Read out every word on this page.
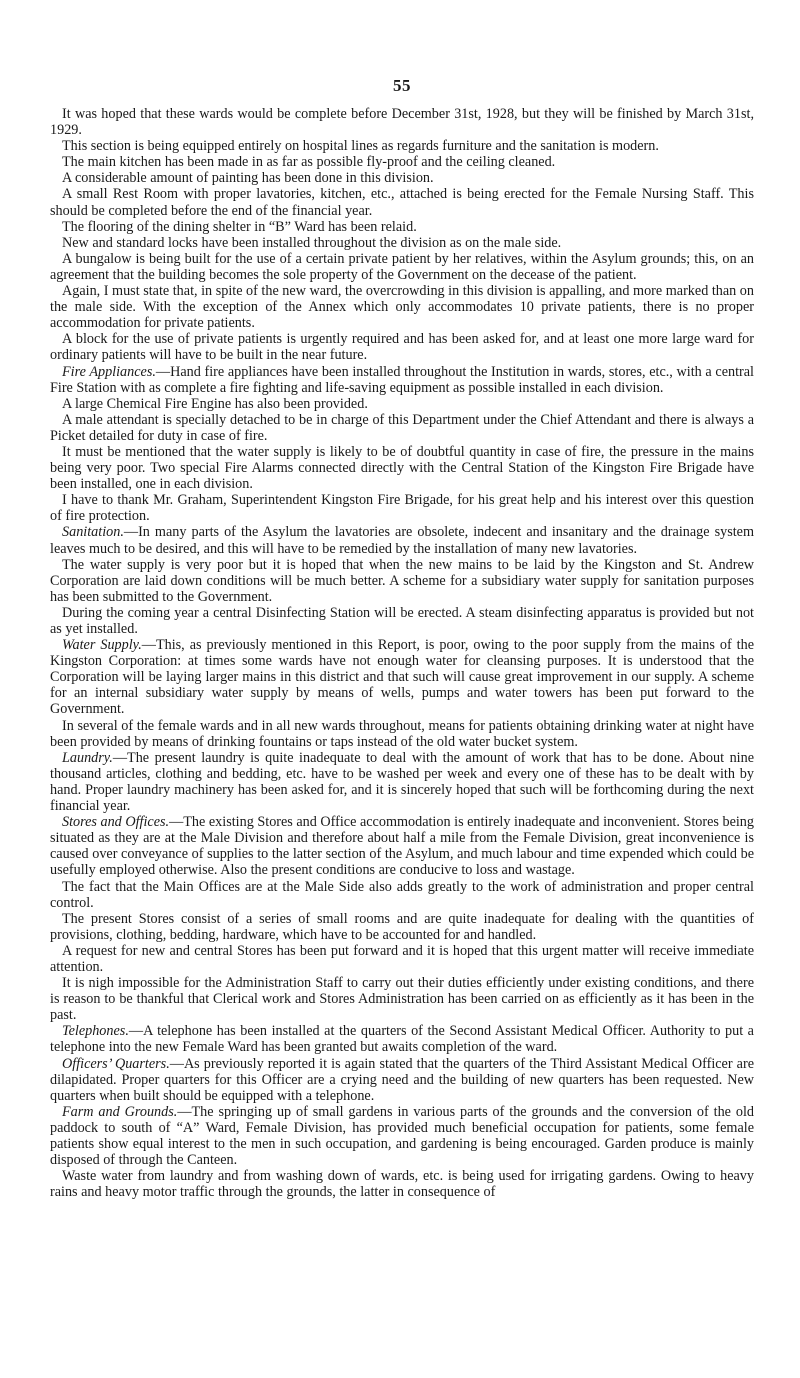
55

It was hoped that these wards would be complete before December 31st, 1928, but they will be finished by March 31st, 1929.

This section is being equipped entirely on hospital lines as regards furniture and the sanitation is modern.

The main kitchen has been made in as far as possible fly-proof and the ceiling cleaned.

A considerable amount of painting has been done in this division.

A small Rest Room with proper lavatories, kitchen, etc., attached is being erected for the Female Nursing Staff. This should be completed before the end of the financial year.

The flooring of the dining shelter in “B” Ward has been relaid.

New and standard locks have been installed throughout the division as on the male side.

A bungalow is being built for the use of a certain private patient by her relatives, within the Asylum grounds; this, on an agreement that the building becomes the sole property of the Government on the decease of the patient.

Again, I must state that, in spite of the new ward, the overcrowding in this division is appalling, and more marked than on the male side. With the exception of the Annex which only accommodates 10 private patients, there is no proper accommodation for private patients.

A block for the use of private patients is urgently required and has been asked for, and at least one more large ward for ordinary patients will have to be built in the near future.

Fire Appliances.—Hand fire appliances have been installed throughout the Institution in wards, stores, etc., with a central Fire Station with as complete a fire fighting and life-saving equipment as possible installed in each division.

A large Chemical Fire Engine has also been provided.

A male attendant is specially detached to be in charge of this Department under the Chief Attendant and there is always a Picket detailed for duty in case of fire.

It must be mentioned that the water supply is likely to be of doubtful quantity in case of fire, the pressure in the mains being very poor. Two special Fire Alarms connected directly with the Central Station of the Kingston Fire Brigade have been installed, one in each division.

I have to thank Mr. Graham, Superintendent Kingston Fire Brigade, for his great help and his interest over this question of fire protection.

Sanitation.—In many parts of the Asylum the lavatories are obsolete, indecent and insanitary and the drainage system leaves much to be desired, and this will have to be remedied by the installation of many new lavatories.

The water supply is very poor but it is hoped that when the new mains to be laid by the Kingston and St. Andrew Corporation are laid down conditions will be much better. A scheme for a subsidiary water supply for sanitation purposes has been submitted to the Government.

During the coming year a central Disinfecting Station will be erected. A steam disinfecting apparatus is provided but not as yet installed.

Water Supply.—This, as previously mentioned in this Report, is poor, owing to the poor supply from the mains of the Kingston Corporation: at times some wards have not enough water for cleansing purposes. It is understood that the Corporation will be laying larger mains in this district and that such will cause great improvement in our supply. A scheme for an internal subsidiary water supply by means of wells, pumps and water towers has been put forward to the Government.

In several of the female wards and in all new wards throughout, means for patients obtaining drinking water at night have been provided by means of drinking fountains or taps instead of the old water bucket system.

Laundry.—The present laundry is quite inadequate to deal with the amount of work that has to be done. About nine thousand articles, clothing and bedding, etc. have to be washed per week and every one of these has to be dealt with by hand. Proper laundry machinery has been asked for, and it is sincerely hoped that such will be forthcoming during the next financial year.

Stores and Offices.—The existing Stores and Office accommodation is entirely inadequate and inconvenient. Stores being situated as they are at the Male Division and therefore about half a mile from the Female Division, great inconvenience is caused over conveyance of supplies to the latter section of the Asylum, and much labour and time expended which could be usefully employed otherwise. Also the present conditions are conducive to loss and wastage.

The fact that the Main Offices are at the Male Side also adds greatly to the work of administration and proper central control.

The present Stores consist of a series of small rooms and are quite inadequate for dealing with the quantities of provisions, clothing, bedding, hardware, which have to be accounted for and handled.

A request for new and central Stores has been put forward and it is hoped that this urgent matter will receive immediate attention.

It is nigh impossible for the Administration Staff to carry out their duties efficiently under existing conditions, and there is reason to be thankful that Clerical work and Stores Administration has been carried on as efficiently as it has been in the past.

Telephones.—A telephone has been installed at the quarters of the Second Assistant Medical Officer. Authority to put a telephone into the new Female Ward has been granted but awaits completion of the ward.

Officers’ Quarters.—As previously reported it is again stated that the quarters of the Third Assistant Medical Officer are dilapidated. Proper quarters for this Officer are a crying need and the building of new quarters has been requested. New quarters when built should be equipped with a telephone.

Farm and Grounds.—The springing up of small gardens in various parts of the grounds and the conversion of the old paddock to south of “A” Ward, Female Division, has provided much beneficial occupation for patients, some female patients show equal interest to the men in such occupation, and gardening is being encouraged. Garden produce is mainly disposed of through the Canteen.

Waste water from laundry and from washing down of wards, etc. is being used for irrigating gardens. Owing to heavy rains and heavy motor traffic through the grounds, the latter in consequence of
